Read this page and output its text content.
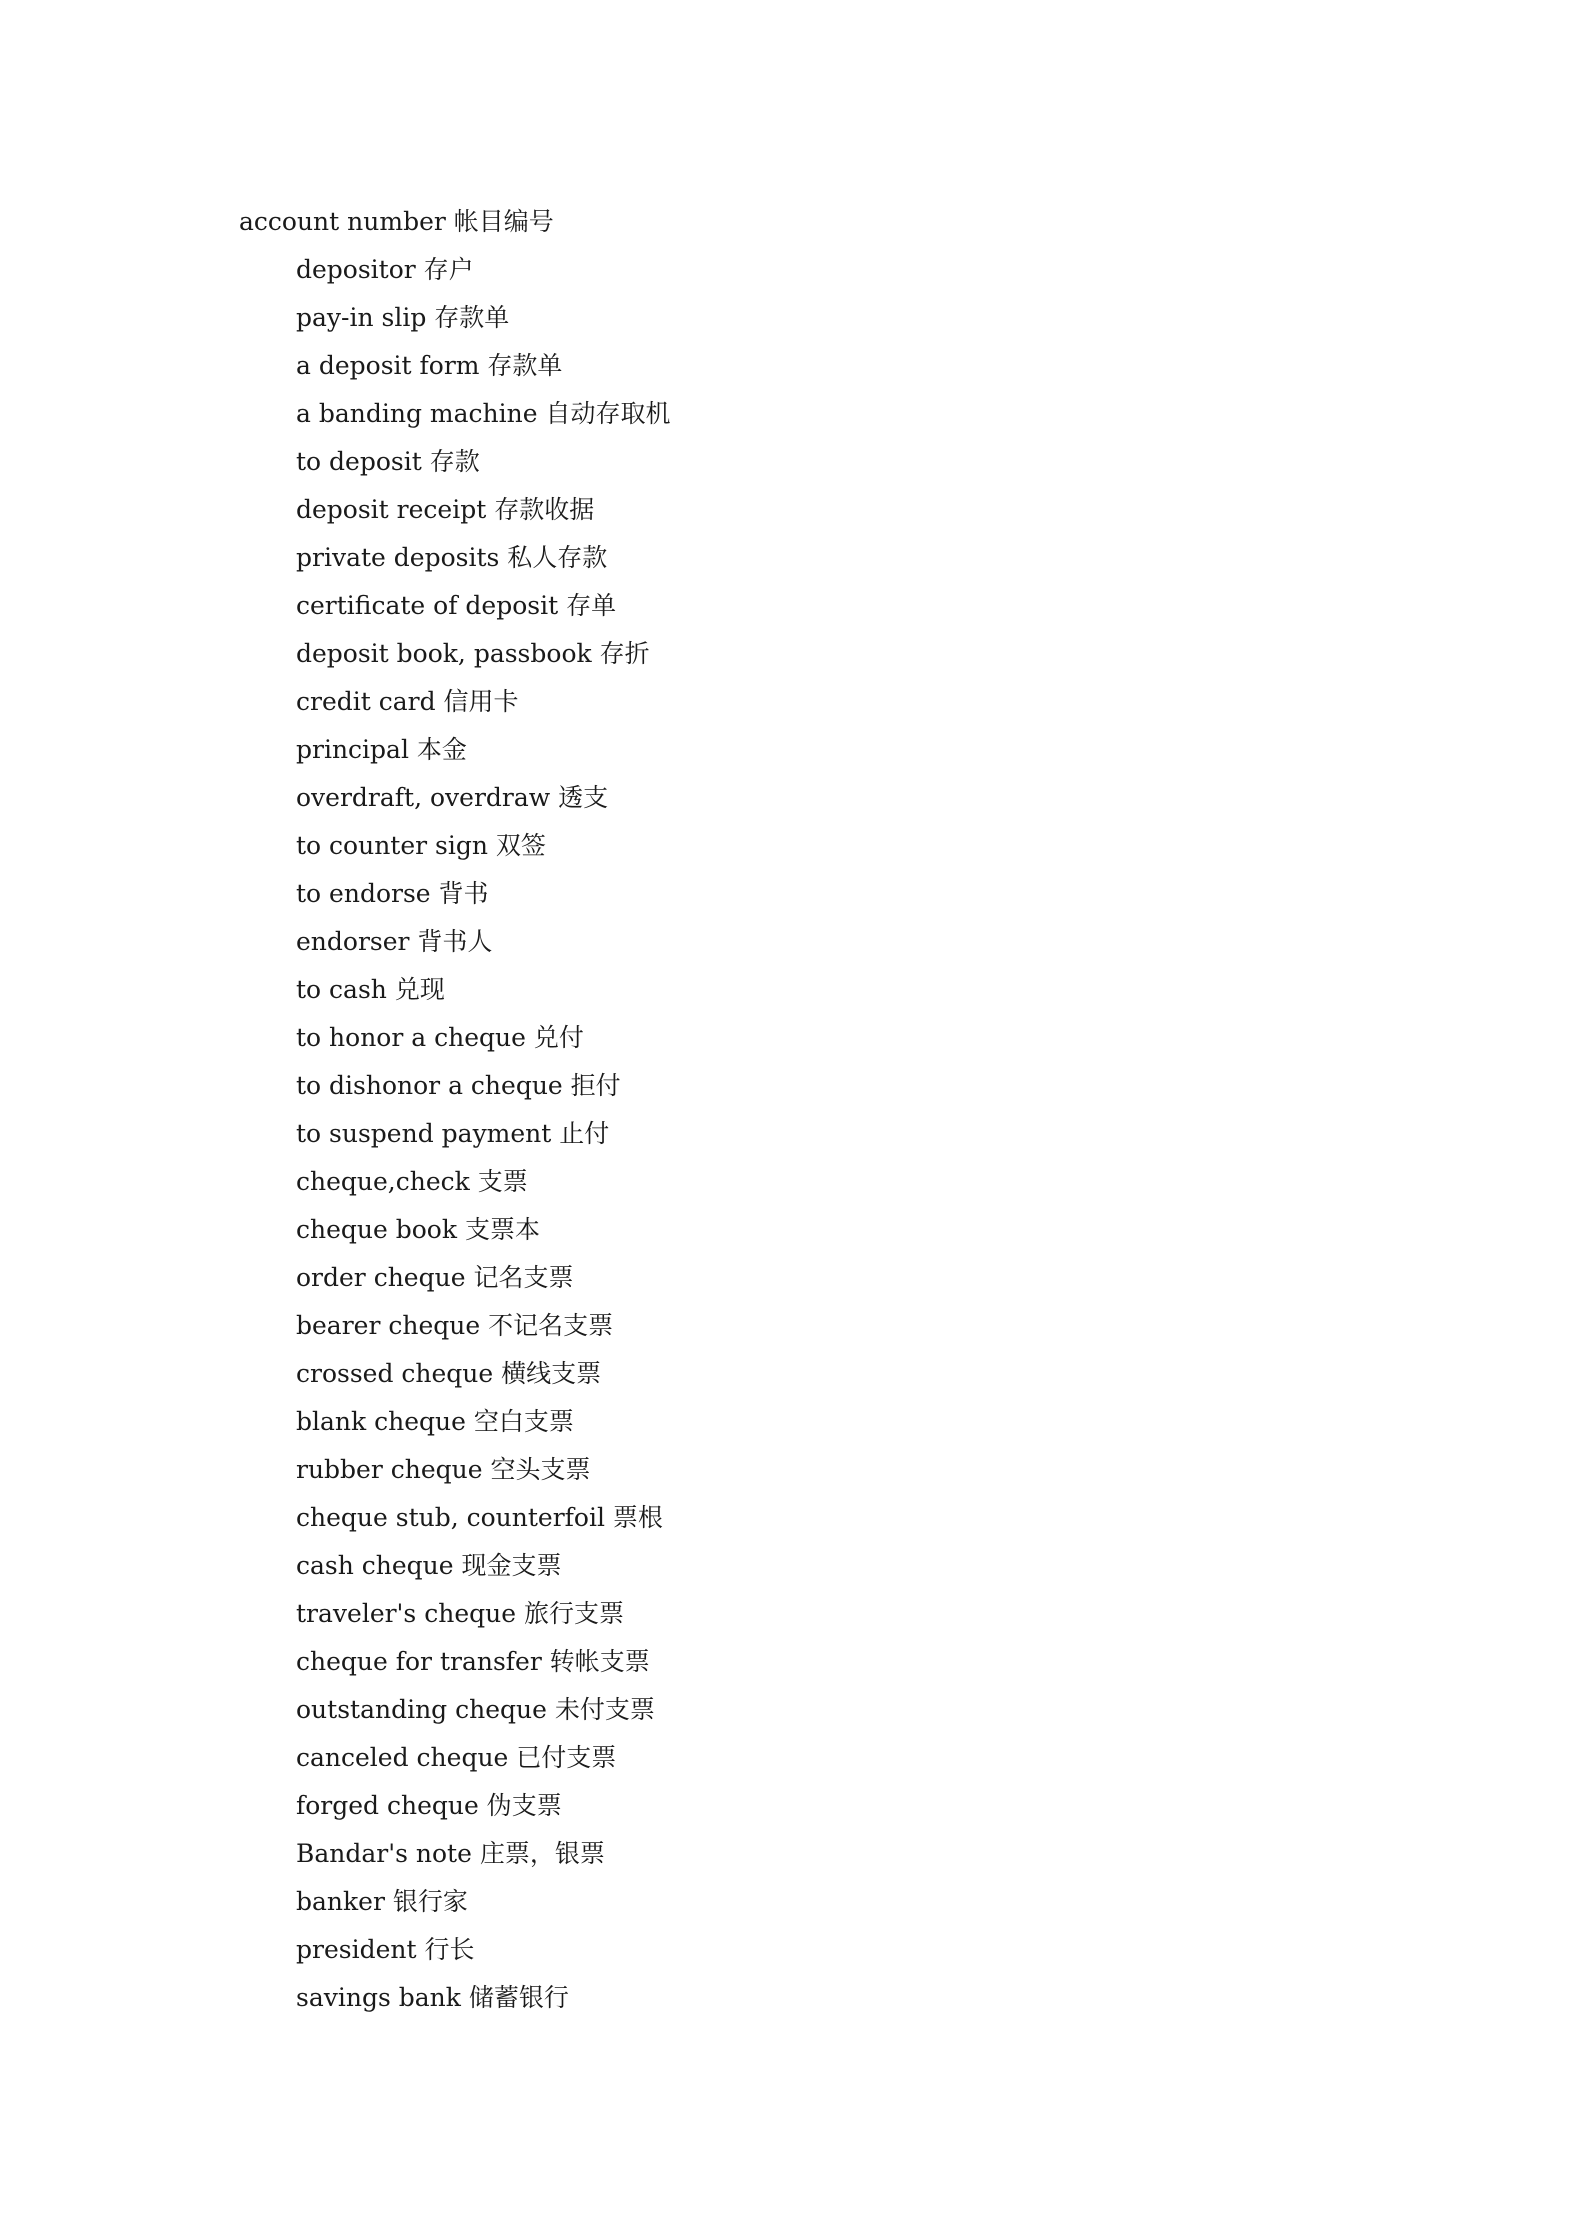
account number 帐目编号
depositor 存户
pay-in slip 存款单
a deposit form 存款单
a banding machine 自动存取机
to deposit 存款
deposit receipt 存款收据
private deposits 私人存款
certificate of deposit 存单
deposit book, passbook 存折
credit card 信用卡
principal 本金
overdraft, overdraw 透支
to counter sign 双签
to endorse 背书
endorser 背书人
to cash 兑现
to honor a cheque 兑付
to dishonor a cheque 拒付
to suspend payment 止付
cheque,check 支票
cheque book 支票本
order cheque 记名支票
bearer cheque 不记名支票
crossed cheque 横线支票
blank cheque 空白支票
rubber cheque 空头支票
cheque stub, counterfoil 票根
cash cheque 现金支票
traveler's cheque 旅行支票
cheque for transfer 转帐支票
outstanding cheque 未付支票
canceled cheque 已付支票
forged cheque 伪支票
Bandar's note 庄票，银票
banker 银行家
president 行长
savings bank 储蓄银行
